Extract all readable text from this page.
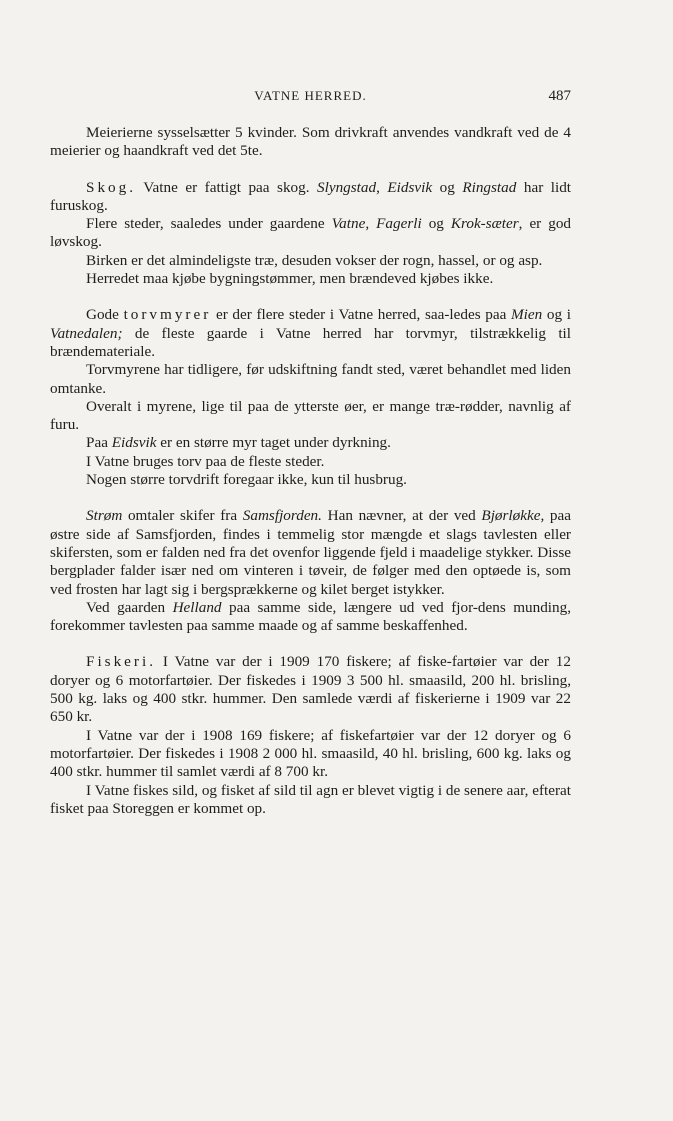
VATNE HERRED.	487

Meierierne sysselsætter 5 kvinder. Som drivkraft anvendes vandkraft ved de 4 meierier og haandkraft ved det 5te.

Skog. Vatne er fattigt paa skog. Slyngstad, Eidsvik og Ringstad har lidt furuskog.

Flere steder, saaledes under gaardene Vatne, Fagerli og Krok-sæter, er god løvskog.

Birken er det almindeligste træ, desuden vokser der rogn, hassel, or og asp.

Herredet maa kjøbe bygningstømmer, men brændeved kjøbes ikke.

Gode torvmyrer er der flere steder i Vatne herred, saa-ledes paa Mien og i Vatnedalen; de fleste gaarde i Vatne herred har torvmyr, tilstrækkelig til brændemateriale.

Torvmyrene har tidligere, før udskiftning fandt sted, været behandlet med liden omtanke.

Overalt i myrene, lige til paa de ytterste øer, er mange træ-rødder, navnlig af furu.

Paa Eidsvik er en større myr taget under dyrkning.

I Vatne bruges torv paa de fleste steder.

Nogen større torvdrift foregaar ikke, kun til husbrug.

Strøm omtaler skifer fra Samsfjorden. Han nævner, at der ved Bjørløkke, paa østre side af Samsfjorden, findes i temmelig stor mængde et slags tavlesten eller skifersten, som er falden ned fra det ovenfor liggende fjeld i maadelige stykker. Disse bergplader falder især ned om vinteren i tøveir, de følger med den optøede is, som ved frosten har lagt sig i bergsprækkerne og kilet berget istykker.

Ved gaarden Helland paa samme side, længere ud ved fjor-dens munding, forekommer tavlesten paa samme maade og af samme beskaffenhed.

Fiskeri. I Vatne var der i 1909 170 fiskere; af fiske-fartøier var der 12 doryer og 6 motorfartøier. Der fiskedes i 1909 3 500 hl. smaasild, 200 hl. brisling, 500 kg. laks og 400 stkr. hummer. Den samlede værdi af fiskerierne i 1909 var 22 650 kr.

I Vatne var der i 1908 169 fiskere; af fiskefartøier var der 12 doryer og 6 motorfartøier. Der fiskedes i 1908 2 000 hl. smaasild, 40 hl. brisling, 600 kg. laks og 400 stkr. hummer til samlet værdi af 8 700 kr.

I Vatne fiskes sild, og fisket af sild til agn er blevet vigtig i de senere aar, efterat fisket paa Storeggen er kommet op.
